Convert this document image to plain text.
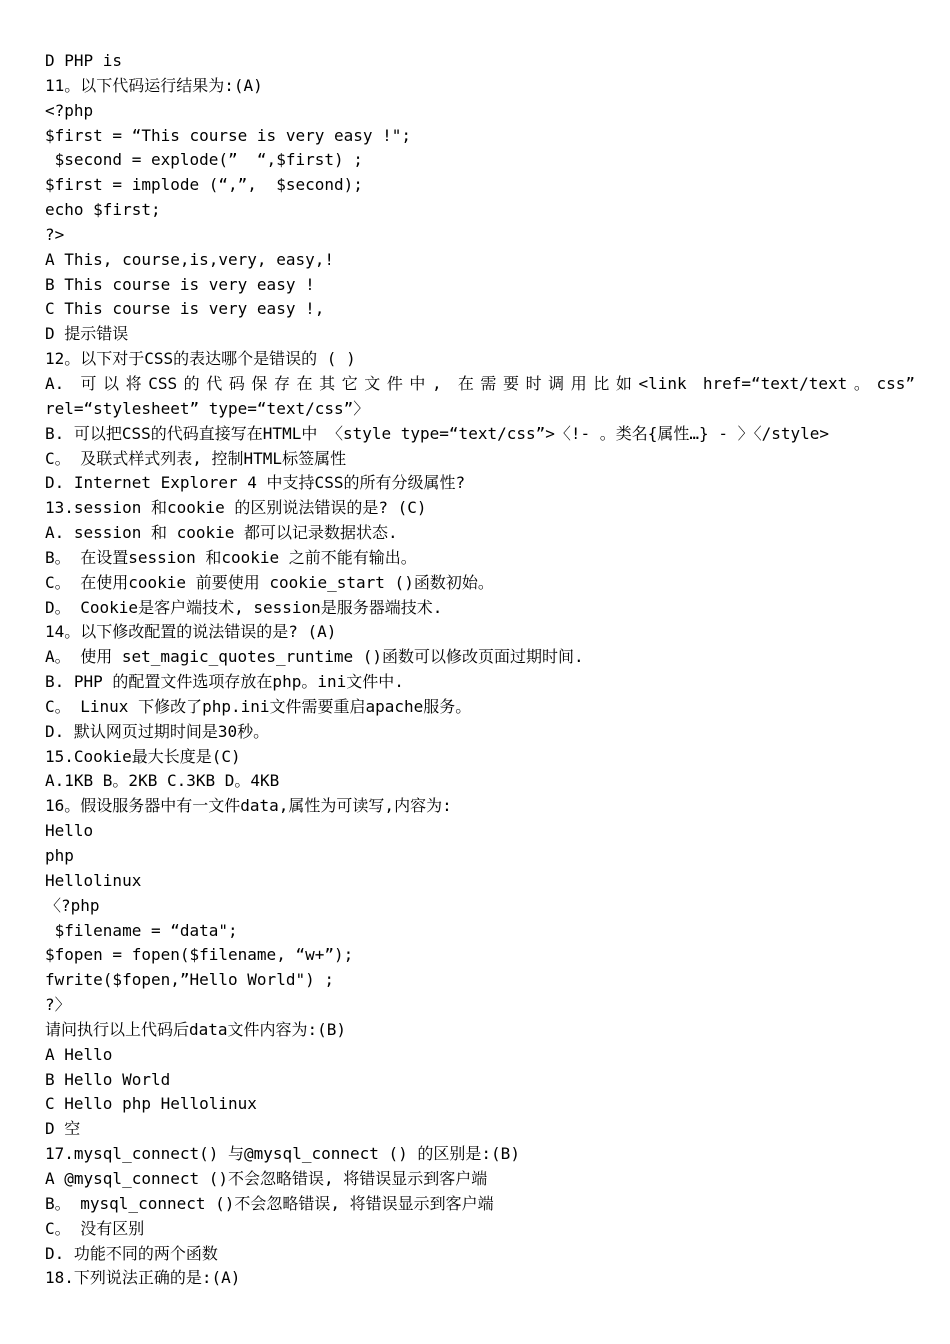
D PHP is
11。以下代码运行结果为:(A)
<?php
$first = “This course is very easy !";
$second = explode(”  “,$first) ;
$first = implode (“,”,  $second);
echo $first;
?>
A This, course,is,very, easy,!
B This course is very easy !
C This course is very easy !,
D 提示错误
12。以下对于CSS的表达哪个是错误的 ( )
A. 可以将CSS的代码保存在其它文件中, 在需要时调用比如<link href=“text/text。css”
rel=“stylesheet” type=“text/css”〉
B. 可以把CSS的代码直接写在HTML中 〈style type=“text/css”>〈!- 。类名{属性…} - 〉〈/style>
C。 及联式样式列表, 控制HTML标签属性
D. Internet Explorer 4 中支持CSS的所有分级属性?
13.session 和cookie 的区别说法错误的是? (C)
A. session 和 cookie 都可以记录数据状态.
B。 在设置session 和cookie 之前不能有输出。
C。 在使用cookie 前要使用 cookie_start ()函数初始。
D。 Cookie是客户端技术, session是服务器端技术.
14。以下修改配置的说法错误的是? (A)
A。 使用 set_magic_quotes_runtime ()函数可以修改页面过期时间.
B. PHP 的配置文件选项存放在php。ini文件中.
C。 Linux 下修改了php.ini文件需要重启apache服务。
D. 默认网页过期时间是30秒。
15.Cookie最大长度是(C)
A.1KB B。2KB C.3KB D。4KB
16。假设服务器中有一文件data,属性为可读写,内容为:
Hello
php
Hellolinux
〈?php
$filename = “data";
$fopen = fopen($filename, “w+”);
fwrite($fopen,”Hello World") ;
?〉
请问执行以上代码后data文件内容为:(B)
A Hello
B Hello World
C Hello php Hellolinux
D 空
17.mysql_connect() 与@mysql_connect () 的区别是:(B)
A @mysql_connect ()不会忽略错误, 将错误显示到客户端
B。 mysql_connect ()不会忽略错误, 将错误显示到客户端
C。 没有区别
D. 功能不同的两个函数
18.下列说法正确的是:(A)
